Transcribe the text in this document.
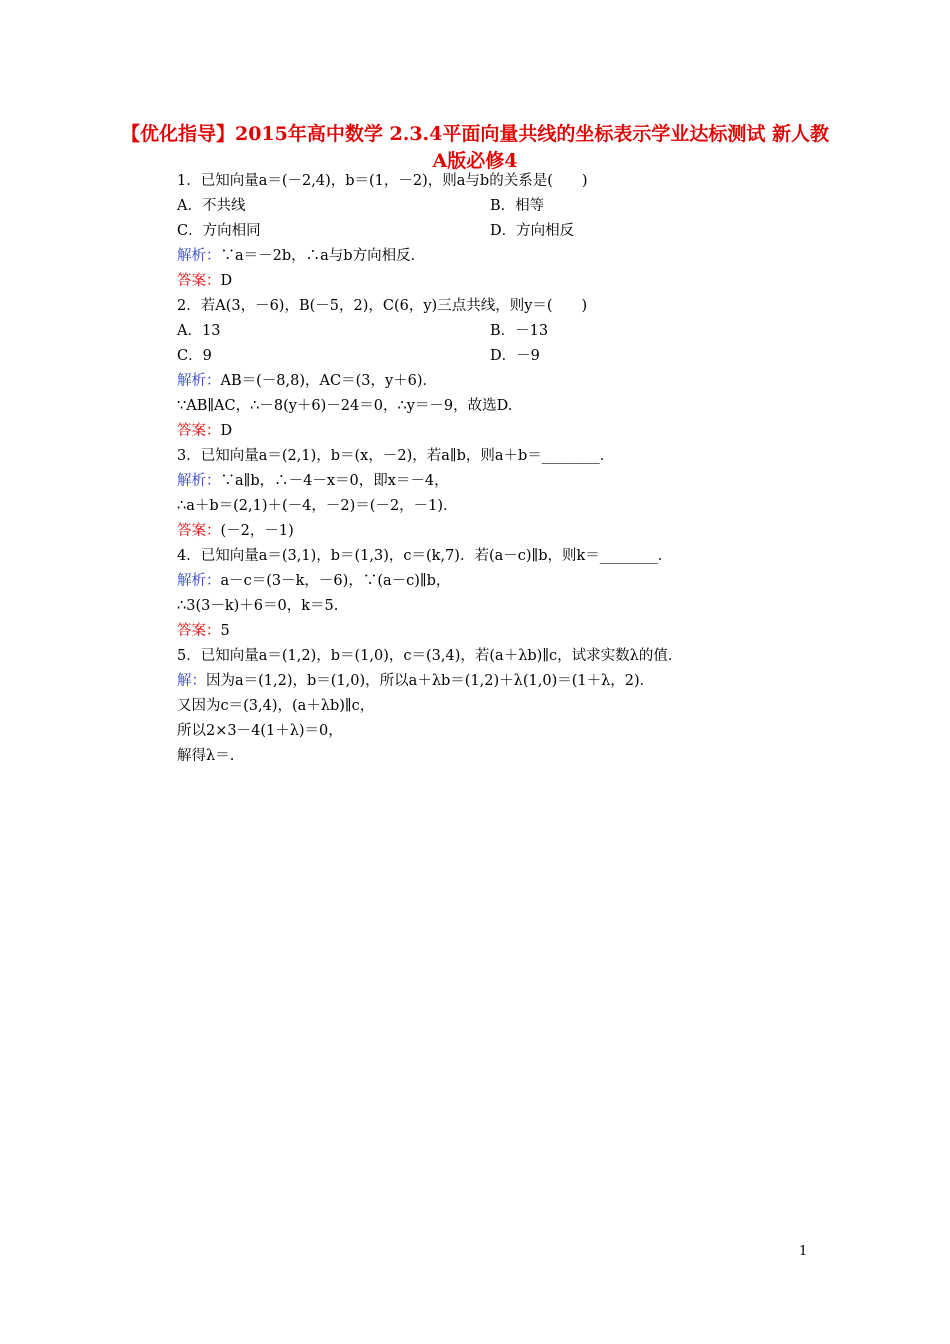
【优化指导】2015年高中数学 2.3.4平面向量共线的坐标表示学业达标测试 新人教A版必修4
1．已知向量a＝(－2,4)，b＝(1，－2)，则a与b的关系是(　　)
A．不共线	B．相等
C．方向相同	D．方向相反
解析：∵a＝－2b，∴a与b方向相反．
答案：D
2．若A(3，－6)，B(－5，2)，C(6，y)三点共线，则y＝(　　)
A．13	B．－13
C．9	D．－9
解析：AB＝(－8,8)，AC＝(3，y＋6)．
∵AB∥AC，∴－8(y＋6)－24＝0，∴y＝－9，故选D.
答案：D
3．已知向量a＝(2,1)，b＝(x，－2)，若a∥b，则a＋b＝________．
解析：∵a∥b，∴－4－x＝0，即x＝－4，
∴a＋b＝(2,1)＋(－4，－2)＝(－2，－1)．
答案：(－2，－1)
4．已知向量a＝(3,1)，b＝(1,3)，c＝(k,7)．若(a－c)∥b，则k＝________．
解析：a－c＝(3－k，－6)，∵(a－c)∥b，
∴3(3－k)＋6＝0，k＝5.
答案：5
5．已知向量a＝(1,2)，b＝(1,0)，c＝(3,4)，若(a＋λb)∥c，试求实数λ的值．
解：因为a＝(1,2)，b＝(1,0)，所以a＋λb＝(1,2)＋λ(1,0)＝(1＋λ，2)．
又因为c＝(3,4)，(a＋λb)∥c，
所以2×3－4(1＋λ)＝0，
解得λ＝.
1
